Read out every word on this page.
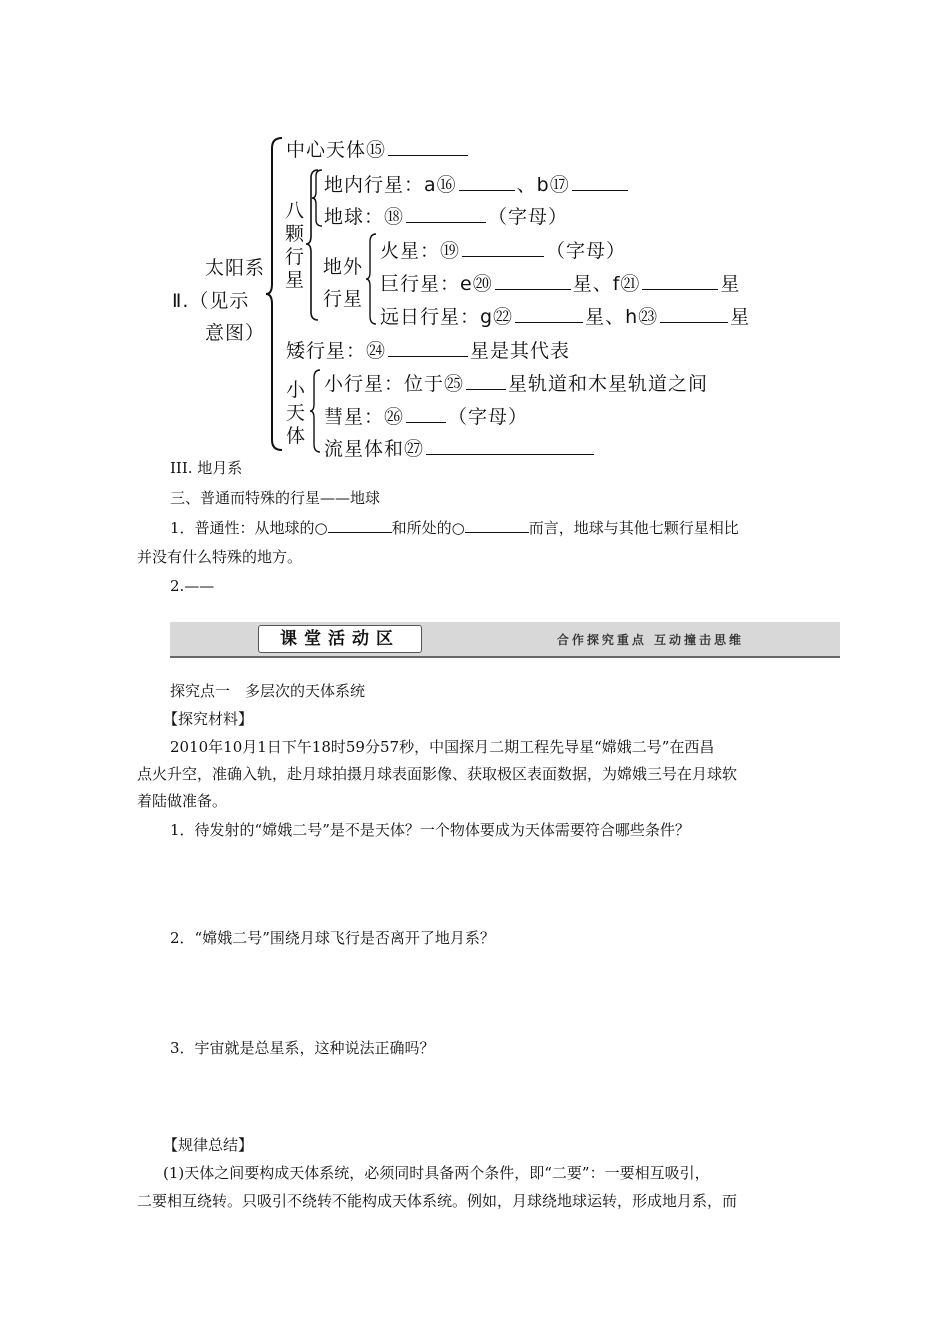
太阳系
Ⅱ.（见示
意图）
中心天体⑮
八颗行星
地内行星：a⑯	、b⑰
地球：⑱	（字母）
地外行星
火星：⑲	（字母）
巨行星：e⑳	星、f㉑	星
远日行星：g㉒	星、h㉓	星
矮行星：㉔	星是其代表
小天体
小行星：位于㉕ 星轨道和木星轨道之间
彗星：㉖ （字母）
流星体和㉗
III. 地月系
三、普通而特殊的行星——地球
1．普通性：从地球的○	和所处的○	而言，地球与其他七颗行星相比
并没有什么特殊的地方。
2.——
课堂活动区	合作探究重点 互动撞击思维
探究点一　多层次的天体系统
【探究材料】
2010年10月1日下午18时59分57秒，中国探月二期工程先导星“嫦娥二号”在西昌
点火升空，准确入轨，赴月球拍摄月球表面影像、获取极区表面数据，为嫦娥三号在月球软
着陆做准备。
1．待发射的“嫦娥二号”是不是天体？一个物体要成为天体需要符合哪些条件？
2．“嫦娥二号”围绕月球飞行是否离开了地月系？
3．宇宙就是总星系，这种说法正确吗？
【规律总结】
(1)天体之间要构成天体系统，必须同时具备两个条件，即“二要”：一要相互吸引，
二要相互绕转。只吸引不绕转不能构成天体系统。例如，月球绕地球运转，形成地月系，而
